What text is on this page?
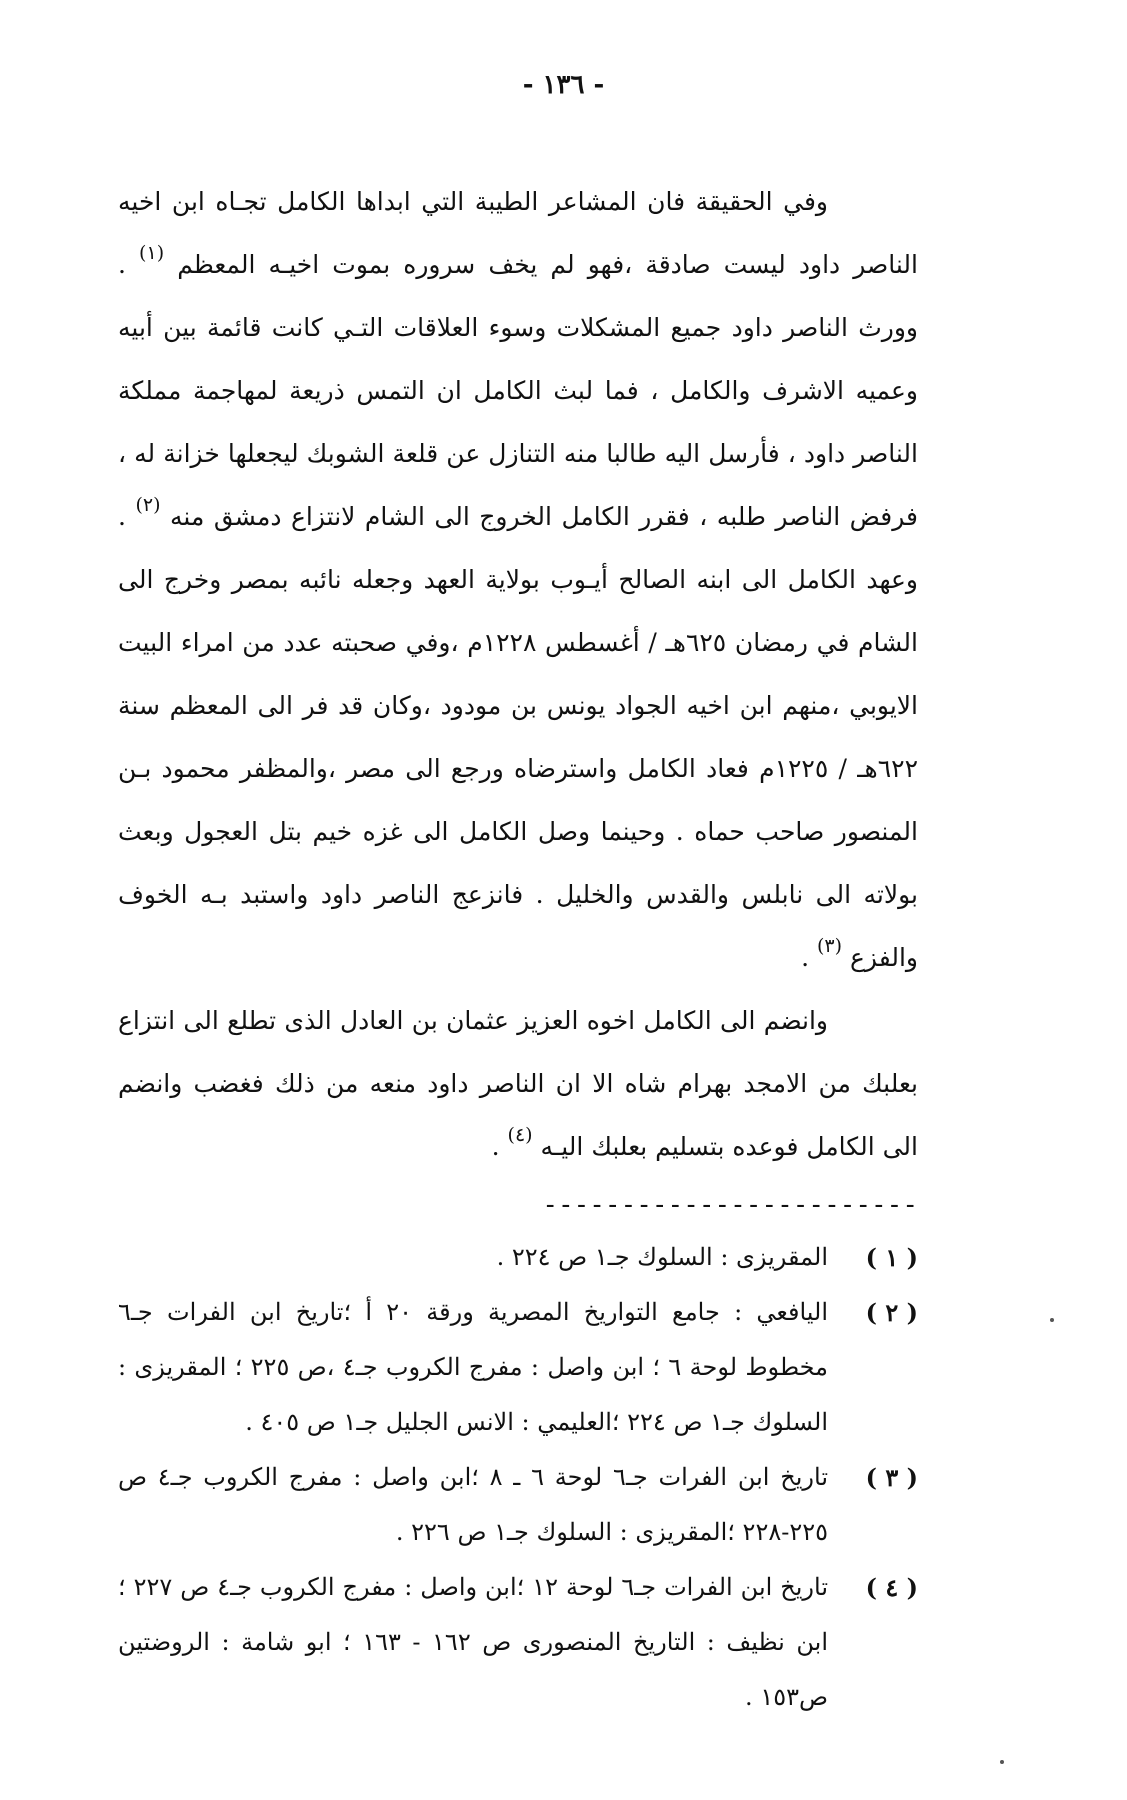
- ١٣٦ -

وفي الحقيقة فان المشاعر الطيبة التي ابداها الكامل تجـاه ابن اخيه الناصر داود ليست صادقة ،فهو لم يخف سروره بموت اخيـه المعظم $^{(١)}$ . وورث الناصر داود جميع المشكلات وسوء العلاقات التـي كانت قائمة بين أبيه وعميه الاشرف والكامل ، فما لبث الكامل ان التمس ذريعة لمهاجمة مملكة الناصر داود ، فأرسل اليه طالبا منه التنازل عن قلعة الشوبك ليجعلها خزانة له ، فرفض الناصر طلبه ، فقرر الكامل الخروج الى الشام لانتزاع دمشق منه $^{(٢)}$ . وعهد الكامل الى ابنه الصالح أيـوب بولاية العهد وجعله نائبه بمصر وخرج الى الشام في رمضان ٦٢٥هـ / أغسطس ١٢٢٨م ،وفي صحبته عدد من امراء البيت الايوبي ،منهم ابن اخيه الجواد يونس بن مودود ،وكان قد فر الى المعظم سنة ٦٢٢هـ / ١٢٢٥م فعاد الكامل واسترضاه ورجع الى مصر ،والمظفر محمود بـن المنصور صاحب حماه . وحينما وصل الكامل الى غزه خيم بتل العجول وبعث بولاته الى نابلس والقدس والخليل . فانزعج الناصر داود واستبد بـه الخوف والفزع $^{(٣)}$ .

وانضم الى الكامل اخوه العزيز عثمان بن العادل الذى تطلع الى انتزاع بعلبك من الامجد بهرام شاه الا ان الناصر داود منعه من ذلك فغضب وانضم الى الكامل فوعده بتسليم بعلبك اليـه $^{(٤)}$ .

------------------------
( ١ )
المقريزى : السلوك جـ١ ص ٢٢٤ .
( ٢ )
اليافعي : جامع التواريخ المصرية ورقة ٢٠ أ ؛تاريخ ابن الفرات جـ٦ مخطوط لوحة ٦ ؛ ابن واصل : مفرج الكروب جـ٤ ،ص ٢٢٥ ؛ المقريزى : السلوك جـ١ ص ٢٢٤ ؛العليمي : الانس الجليل جـ١ ص ٤٠٥ .
( ٣ )
تاريخ ابن الفرات جـ٦ لوحة ٦ ـ ٨ ؛ابن واصل : مفرج الكروب جـ٤ ص ٢٢٥-٢٢٨ ؛المقريزى : السلوك جـ١ ص ٢٢٦ .
( ٤ )
تاريخ ابن الفرات جـ٦ لوحة ١٢ ؛ابن واصل : مفرج الكروب جـ٤ ص ٢٢٧ ؛ابن نظيف : التاريخ المنصورى ص ١٦٢ - ١٦٣ ؛ ابو شامة : الروضتين ص١٥٣ .
